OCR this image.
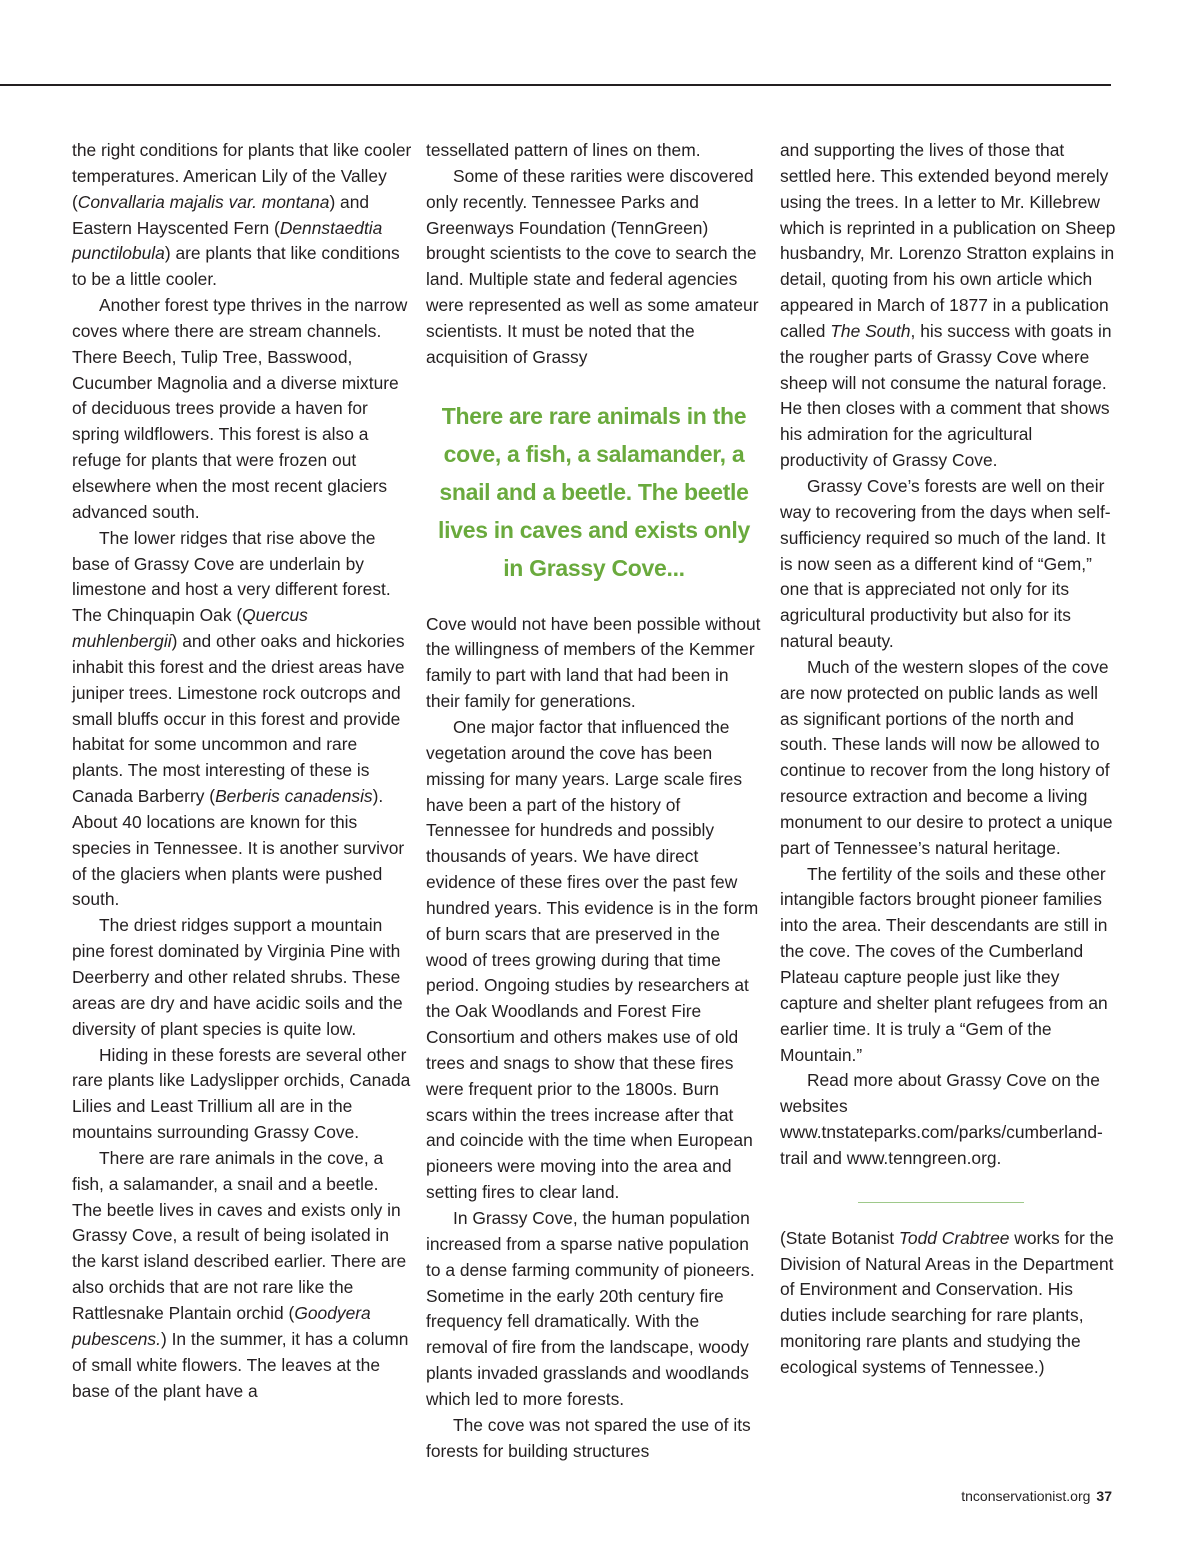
the right conditions for plants that like cooler temperatures. American Lily of the Valley (Convallaria majalis var. montana) and Eastern Hayscented Fern (Dennstaedtia punctilobula) are plants that like conditions to be a little cooler.

Another forest type thrives in the narrow coves where there are stream channels. There Beech, Tulip Tree, Basswood, Cucumber Magnolia and a diverse mixture of deciduous trees provide a haven for spring wildflowers. This forest is also a refuge for plants that were frozen out elsewhere when the most recent glaciers advanced south.

The lower ridges that rise above the base of Grassy Cove are underlain by limestone and host a very different forest. The Chinquapin Oak (Quercus muhlenbergii) and other oaks and hickories inhabit this forest and the driest areas have juniper trees. Limestone rock outcrops and small bluffs occur in this forest and provide habitat for some uncommon and rare plants. The most interesting of these is Canada Barberry (Berberis canadensis). About 40 locations are known for this species in Tennessee. It is another survivor of the glaciers when plants were pushed south.

The driest ridges support a mountain pine forest dominated by Virginia Pine with Deerberry and other related shrubs. These areas are dry and have acidic soils and the diversity of plant species is quite low.

Hiding in these forests are several other rare plants like Ladyslipper orchids, Canada Lilies and Least Trillium all are in the mountains surrounding Grassy Cove.

There are rare animals in the cove, a fish, a salamander, a snail and a beetle. The beetle lives in caves and exists only in Grassy Cove, a result of being isolated in the karst island described earlier. There are also orchids that are not rare like the Rattlesnake Plantain orchid (Goodyera pubescens.) In the summer, it has a column of small white flowers. The leaves at the base of the plant have a

tessellated pattern of lines on them.

Some of these rarities were discovered only recently. Tennessee Parks and Greenways Foundation (TennGreen) brought scientists to the cove to search the land. Multiple state and federal agencies were represented as well as some amateur scientists. It must be noted that the acquisition of Grassy

There are rare animals in the cove, a fish, a salamander, a snail and a beetle. The beetle lives in caves and exists only in Grassy Cove...

Cove would not have been possible without the willingness of members of the Kemmer family to part with land that had been in their family for generations.

One major factor that influenced the vegetation around the cove has been missing for many years. Large scale fires have been a part of the history of Tennessee for hundreds and possibly thousands of years. We have direct evidence of these fires over the past few hundred years. This evidence is in the form of burn scars that are preserved in the wood of trees growing during that time period. Ongoing studies by researchers at the Oak Woodlands and Forest Fire Consortium and others makes use of old trees and snags to show that these fires were frequent prior to the 1800s. Burn scars within the trees increase after that and coincide with the time when European pioneers were moving into the area and setting fires to clear land.

In Grassy Cove, the human population increased from a sparse native population to a dense farming community of pioneers. Sometime in the early 20th century fire frequency fell dramatically. With the removal of fire from the landscape, woody plants invaded grasslands and woodlands which led to more forests.

The cove was not spared the use of its forests for building structures

and supporting the lives of those that settled here. This extended beyond merely using the trees. In a letter to Mr. Killebrew which is reprinted in a publication on Sheep husbandry, Mr. Lorenzo Stratton explains in detail, quoting from his own article which appeared in March of 1877 in a publication called The South, his success with goats in the rougher parts of Grassy Cove where sheep will not consume the natural forage. He then closes with a comment that shows his admiration for the agricultural productivity of Grassy Cove.

Grassy Cove’s forests are well on their way to recovering from the days when self-sufficiency required so much of the land. It is now seen as a different kind of “Gem,” one that is appreciated not only for its agricultural productivity but also for its natural beauty.

Much of the western slopes of the cove are now protected on public lands as well as significant portions of the north and south. These lands will now be allowed to continue to recover from the long history of resource extraction and become a living monument to our desire to protect a unique part of Tennessee’s natural heritage.

The fertility of the soils and these other intangible factors brought pioneer families into the area. Their descendants are still in the cove. The coves of the Cumberland Plateau capture people just like they capture and shelter plant refugees from an earlier time. It is truly a “Gem of the Mountain.”

Read more about Grassy Cove on the websites www.tnstateparks.com/parks/cumberland-trail and www.tenngreen.org.

(State Botanist Todd Crabtree works for the Division of Natural Areas in the Department of Environment and Conservation. His duties include searching for rare plants, monitoring rare plants and studying the ecological systems of Tennessee.)

tnconservationist.org 37
